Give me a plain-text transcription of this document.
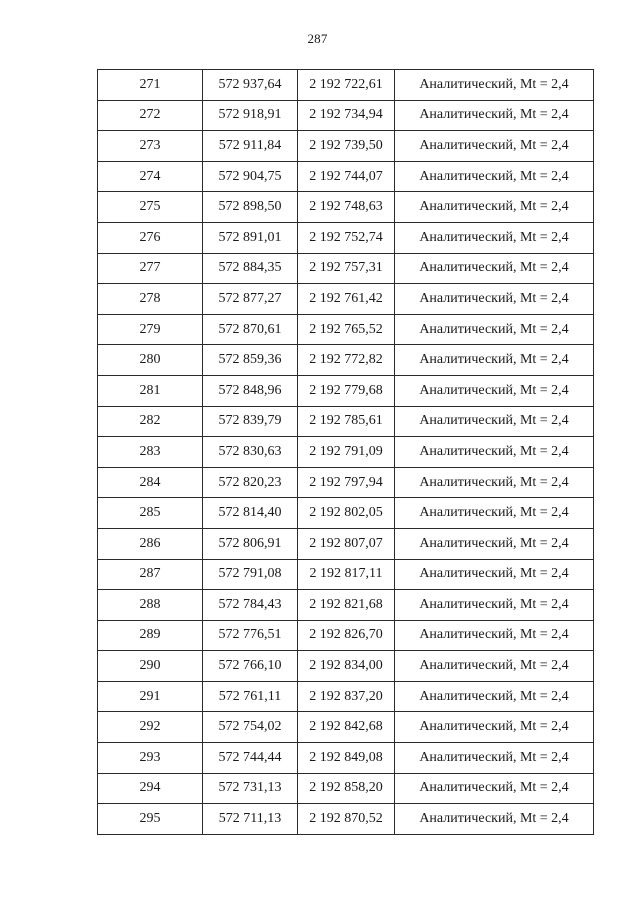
287
271	572 937,64	2 192 722,61	Аналитический, Mt = 2,4
272	572 918,91	2 192 734,94	Аналитический, Mt = 2,4
273	572 911,84	2 192 739,50	Аналитический, Mt = 2,4
274	572 904,75	2 192 744,07	Аналитический, Mt = 2,4
275	572 898,50	2 192 748,63	Аналитический, Mt = 2,4
276	572 891,01	2 192 752,74	Аналитический, Mt = 2,4
277	572 884,35	2 192 757,31	Аналитический, Mt = 2,4
278	572 877,27	2 192 761,42	Аналитический, Mt = 2,4
279	572 870,61	2 192 765,52	Аналитический, Mt = 2,4
280	572 859,36	2 192 772,82	Аналитический, Mt = 2,4
281	572 848,96	2 192 779,68	Аналитический, Mt = 2,4
282	572 839,79	2 192 785,61	Аналитический, Mt = 2,4
283	572 830,63	2 192 791,09	Аналитический, Mt = 2,4
284	572 820,23	2 192 797,94	Аналитический, Mt = 2,4
285	572 814,40	2 192 802,05	Аналитический, Mt = 2,4
286	572 806,91	2 192 807,07	Аналитический, Mt = 2,4
287	572 791,08	2 192 817,11	Аналитический, Mt = 2,4
288	572 784,43	2 192 821,68	Аналитический, Mt = 2,4
289	572 776,51	2 192 826,70	Аналитический, Mt = 2,4
290	572 766,10	2 192 834,00	Аналитический, Mt = 2,4
291	572 761,11	2 192 837,20	Аналитический, Mt = 2,4
292	572 754,02	2 192 842,68	Аналитический, Mt = 2,4
293	572 744,44	2 192 849,08	Аналитический, Mt = 2,4
294	572 731,13	2 192 858,20	Аналитический, Mt = 2,4
295	572 711,13	2 192 870,52	Аналитический, Mt = 2,4
